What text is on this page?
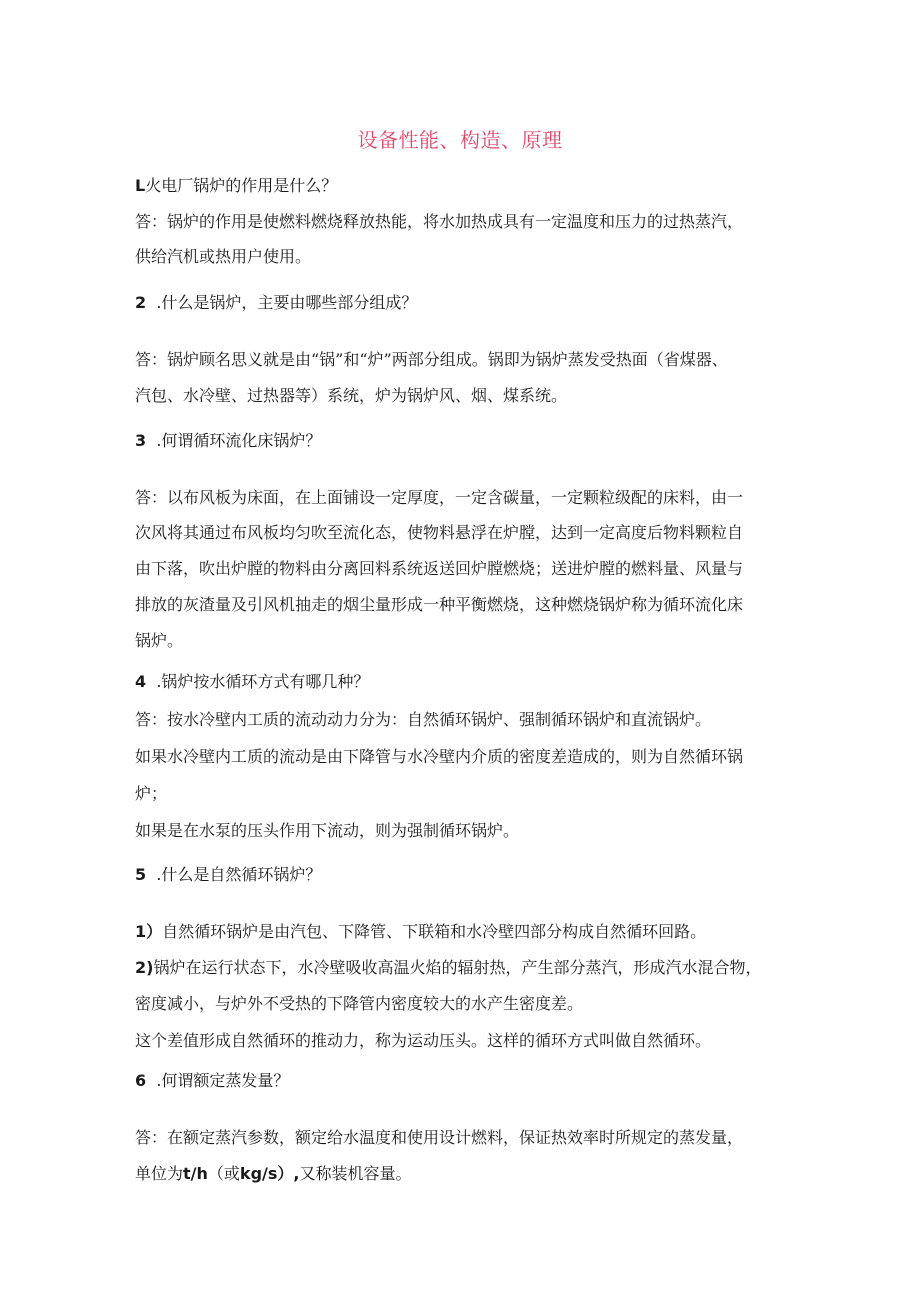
设备性能、构造、原理
L火电厂锅炉的作用是什么？
答：锅炉的作用是使燃料燃烧释放热能，将水加热成具有一定温度和压力的过热蒸汽，
供给汽机或热用户使用。
2 .什么是锅炉，主要由哪些部分组成？
答：锅炉顾名思义就是由“锅”和“炉”两部分组成。锅即为锅炉蒸发受热面（省煤器、
汽包、水冷壁、过热器等）系统，炉为锅炉风、烟、煤系统。
3 .何谓循环流化床锅炉？
答：以布风板为床面，在上面铺设一定厚度，一定含碳量，一定颗粒级配的床料，由一
次风将其通过布风板均匀吹至流化态，使物料悬浮在炉膛，达到一定高度后物料颗粒自
由下落，吹出炉膛的物料由分离回料系统返送回炉膛燃烧；送进炉膛的燃料量、风量与
排放的灰渣量及引风机抽走的烟尘量形成一种平衡燃烧，这种燃烧锅炉称为循环流化床
锅炉。
4 .锅炉按水循环方式有哪几种？
答：按水冷壁内工质的流动动力分为：自然循环锅炉、强制循环锅炉和直流锅炉。
如果水冷壁内工质的流动是由下降管与水冷壁内介质的密度差造成的，则为自然循环锅
炉；
如果是在水泵的压头作用下流动，则为强制循环锅炉。
5 .什么是自然循环锅炉？
1）自然循环锅炉是由汽包、下降管、下联箱和水冷壁四部分构成自然循环回路。
2)锅炉在运行状态下，水冷壁吸收高温火焰的辐射热，产生部分蒸汽，形成汽水混合物，
密度减小，与炉外不受热的下降管内密度较大的水产生密度差。
这个差值形成自然循环的推动力，称为运动压头。这样的循环方式叫做自然循环。
6 .何谓额定蒸发量？
答：在额定蒸汽参数，额定给水温度和使用设计燃料，保证热效率时所规定的蒸发量，
单位为t/h（或kg/s）,又称装机容量。
